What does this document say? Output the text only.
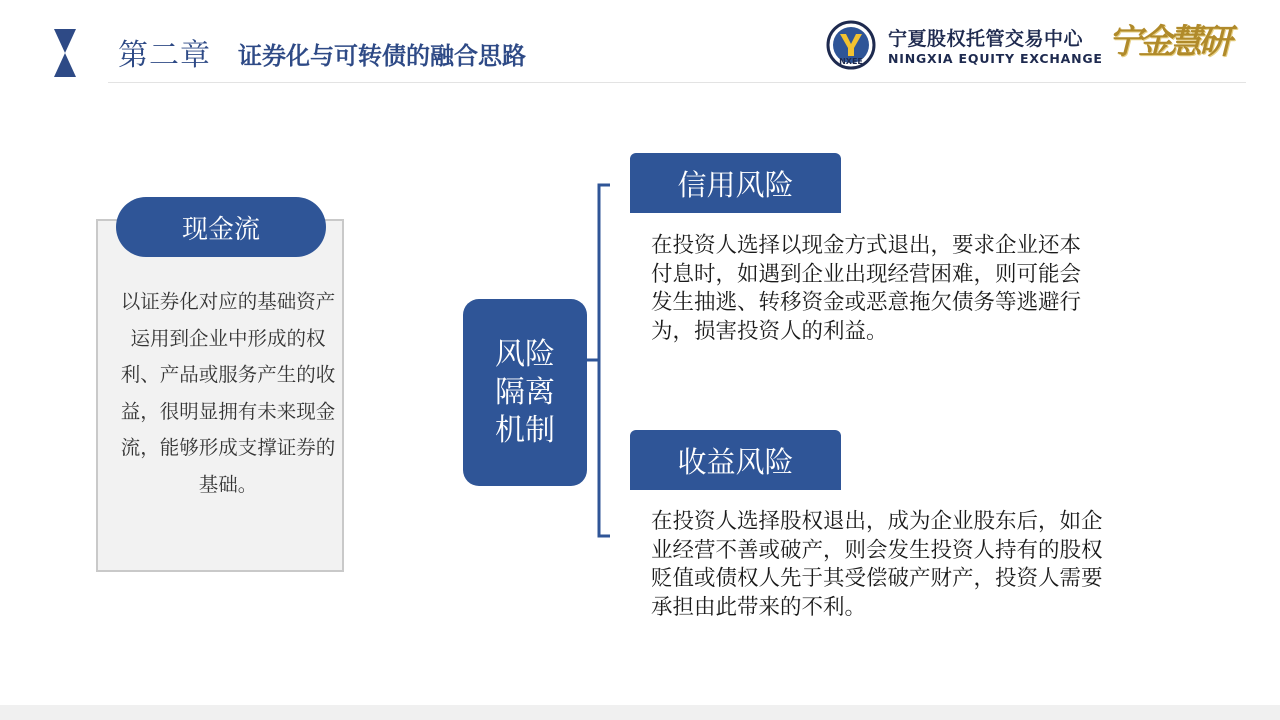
第二章 证券化与可转债的融合思路	NXEE
宁夏股权托管交易中心
NINGXIA EQUITY EXCHANGE 宁金慧研
现金流
以证券化对应的基础资产运用到企业中形成的权利、产品或服务产生的收益，很明显拥有未来现金流，能够形成支撑证券的基础。
风险隔离机制
信用风险
在投资人选择以现金方式退出，要求企业还本付息时，如遇到企业出现经营困难，则可能会发生抽逃、转移资金或恶意拖欠债务等逃避行为，损害投资人的利益。
收益风险
在投资人选择股权退出，成为企业股东后，如企业经营不善或破产，则会发生投资人持有的股权贬值或债权人先于其受偿破产财产，投资人需要承担由此带来的不利。
